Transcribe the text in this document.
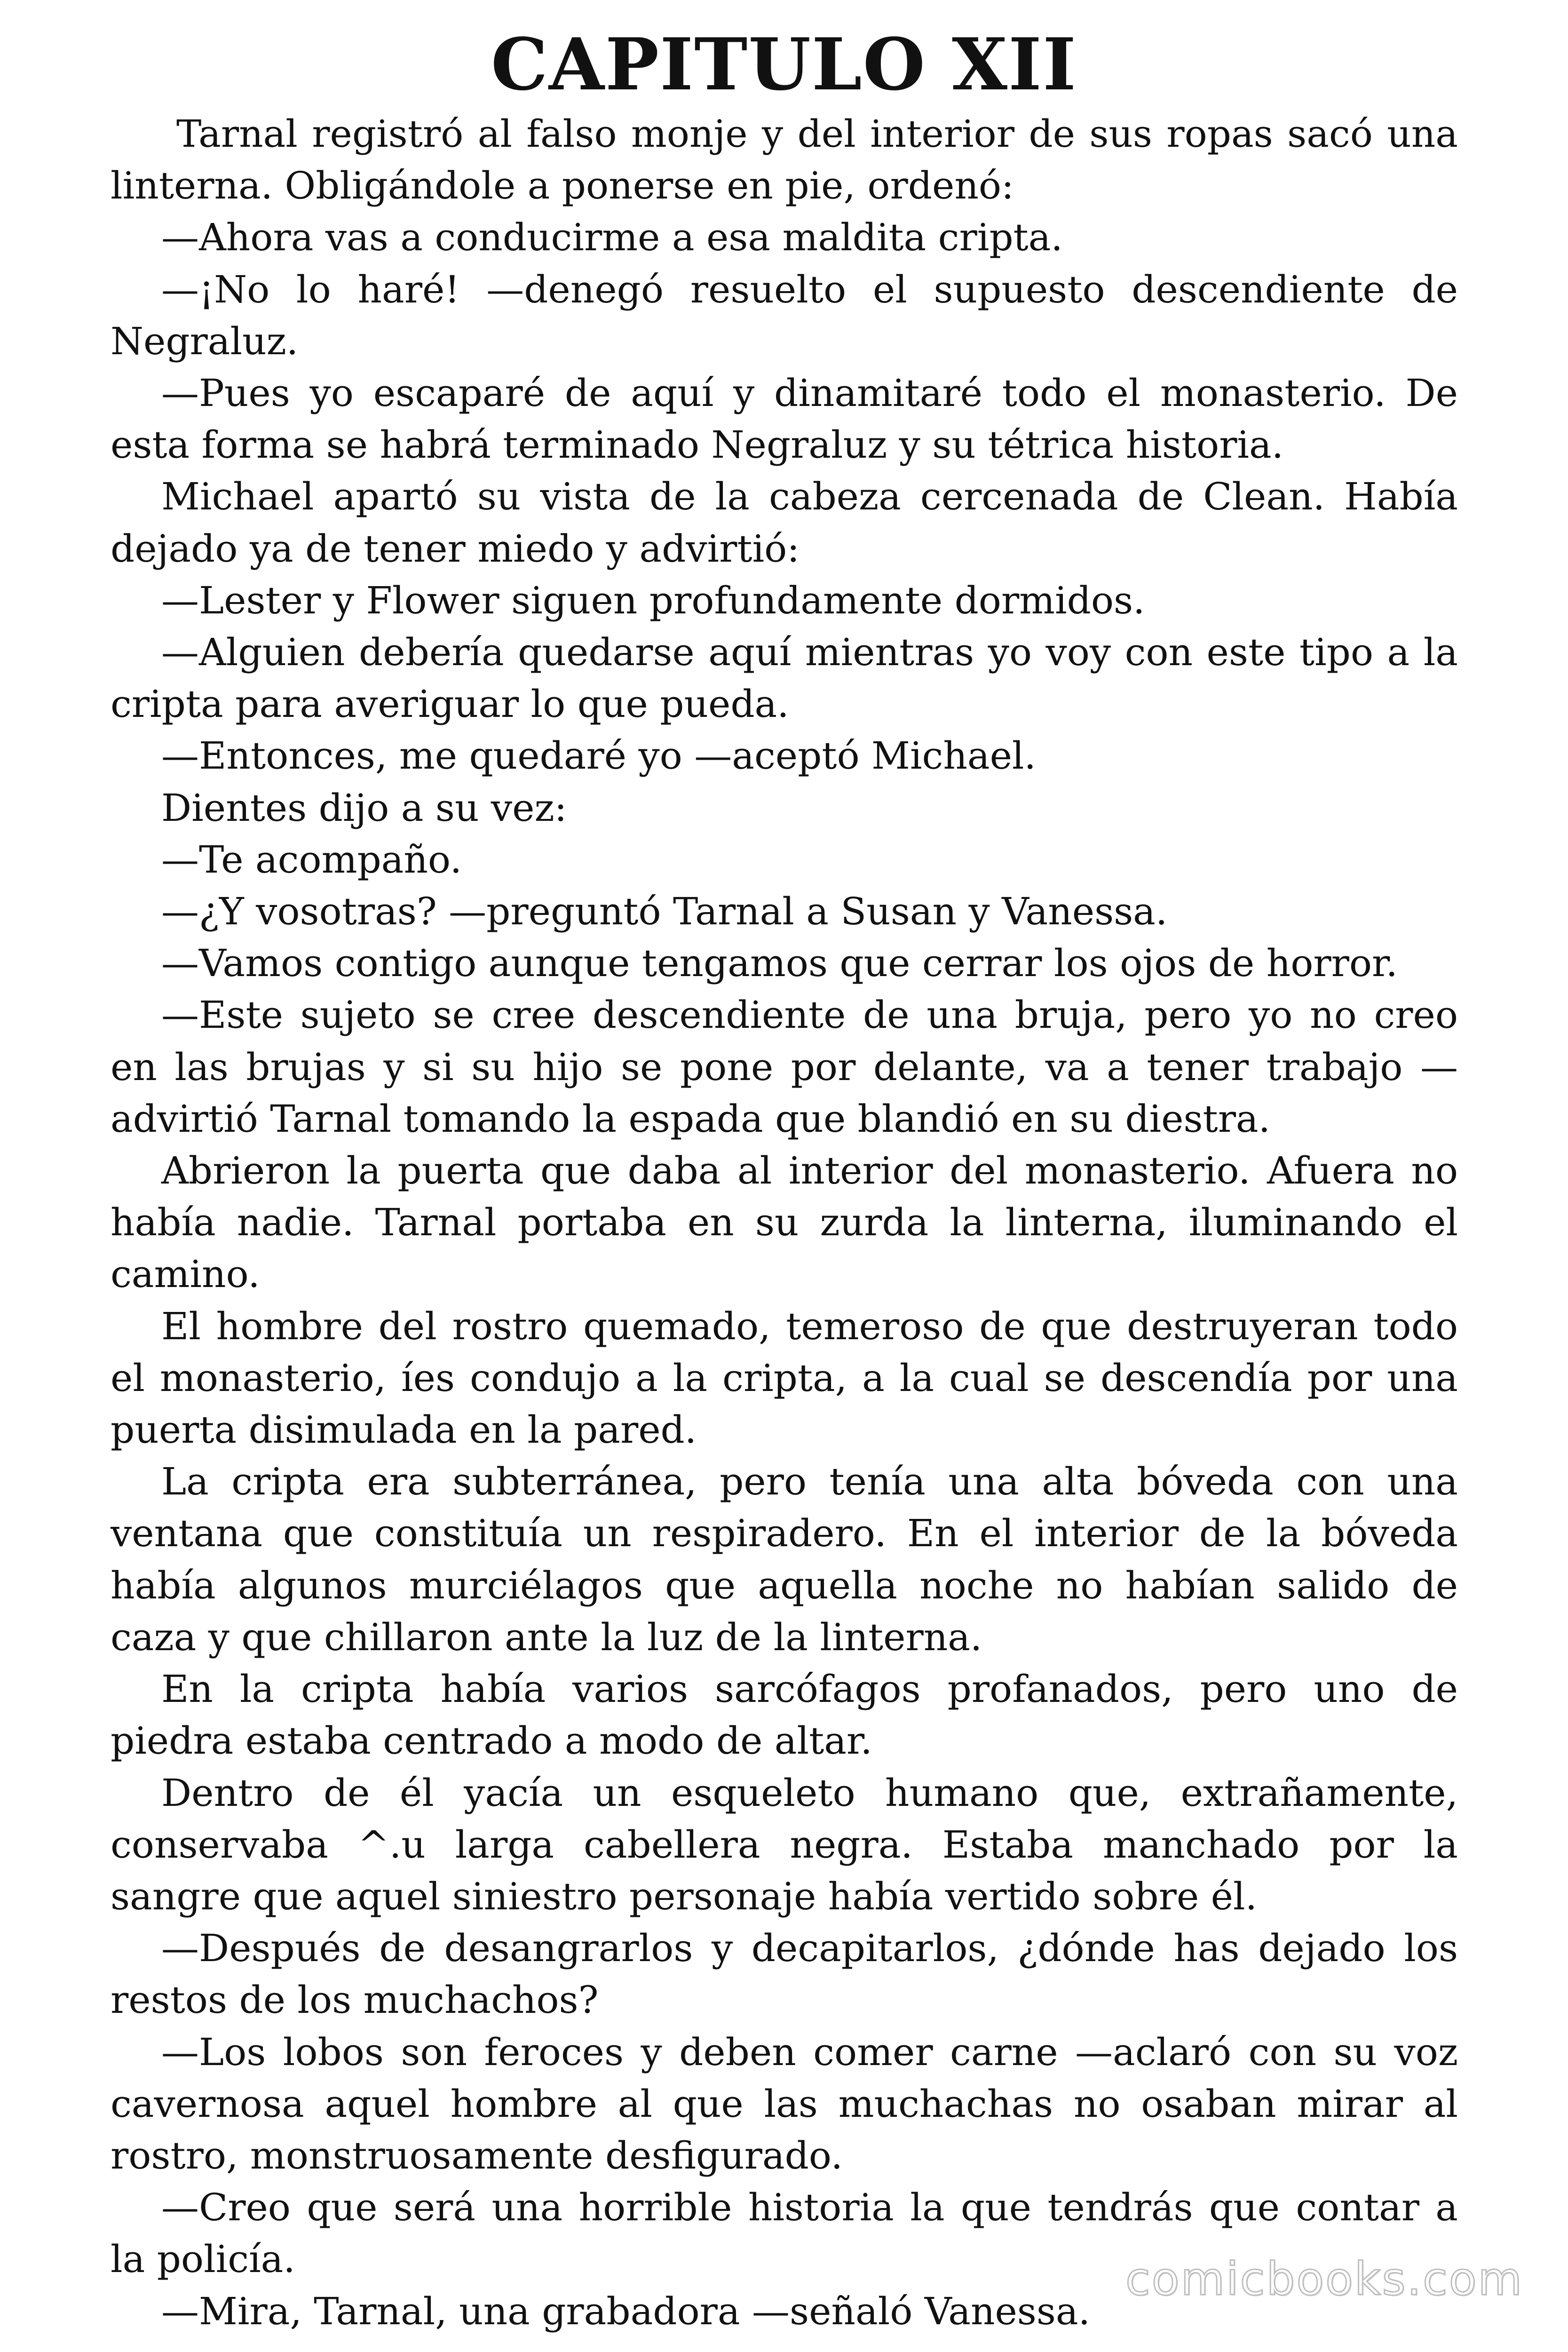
CAPITULO XII

Tarnal registró al falso monje y del interior de sus ropas sacó una linterna. Obligándole a ponerse en pie, ordenó:

—Ahora vas a conducirme a esa maldita cripta.

—¡No lo haré! —denegó resuelto el supuesto descendiente de Negraluz.

—Pues yo escaparé de aquí y dinamitaré todo el monasterio. De esta forma se habrá terminado Negraluz y su tétrica historia.

Michael apartó su vista de la cabeza cercenada de Clean. Había dejado ya de tener miedo y advirtió:

—Lester y Flower siguen profundamente dormidos.

—Alguien debería quedarse aquí mientras yo voy con este tipo a la cripta para averiguar lo que pueda.

—Entonces, me quedaré yo —aceptó Michael.

Dientes dijo a su vez:

—Te acompaño.

—¿Y vosotras? —preguntó Tarnal a Susan y Vanessa.

—Vamos contigo aunque tengamos que cerrar los ojos de horror.

—Este sujeto se cree descendiente de una bruja, pero yo no creo en las brujas y si su hijo se pone por delante, va a tener trabajo — advirtió Tarnal tomando la espada que blandió en su diestra.

Abrieron la puerta que daba al interior del monasterio. Afuera no había nadie. Tarnal portaba en su zurda la linterna, iluminando el camino.

El hombre del rostro quemado, temeroso de que destruyeran todo el monasterio, íes condujo a la cripta, a la cual se descendía por una puerta disimulada en la pared.

La cripta era subterránea, pero tenía una alta bóveda con una ventana que constituía un respiradero. En el interior de la bóveda había algunos murciélagos que aquella noche no habían salido de caza y que chillaron ante la luz de la linterna.

En la cripta había varios sarcófagos profanados, pero uno de piedra estaba centrado a modo de altar.

Dentro de él yacía un esqueleto humano que, extrañamente, conservaba ^.u larga cabellera negra. Estaba manchado por la sangre que aquel siniestro personaje había vertido sobre él.

—Después de desangrarlos y decapitarlos, ¿dónde has dejado los restos de los muchachos?

—Los lobos son feroces y deben comer carne —aclaró con su voz cavernosa aquel hombre al que las muchachas no osaban mirar al rostro, monstruosamente desfigurado.

—Creo que será una horrible historia la que tendrás que contar a la policía.

—Mira, Tarnal, una grabadora —señaló Vanessa.

comicbooks.com
